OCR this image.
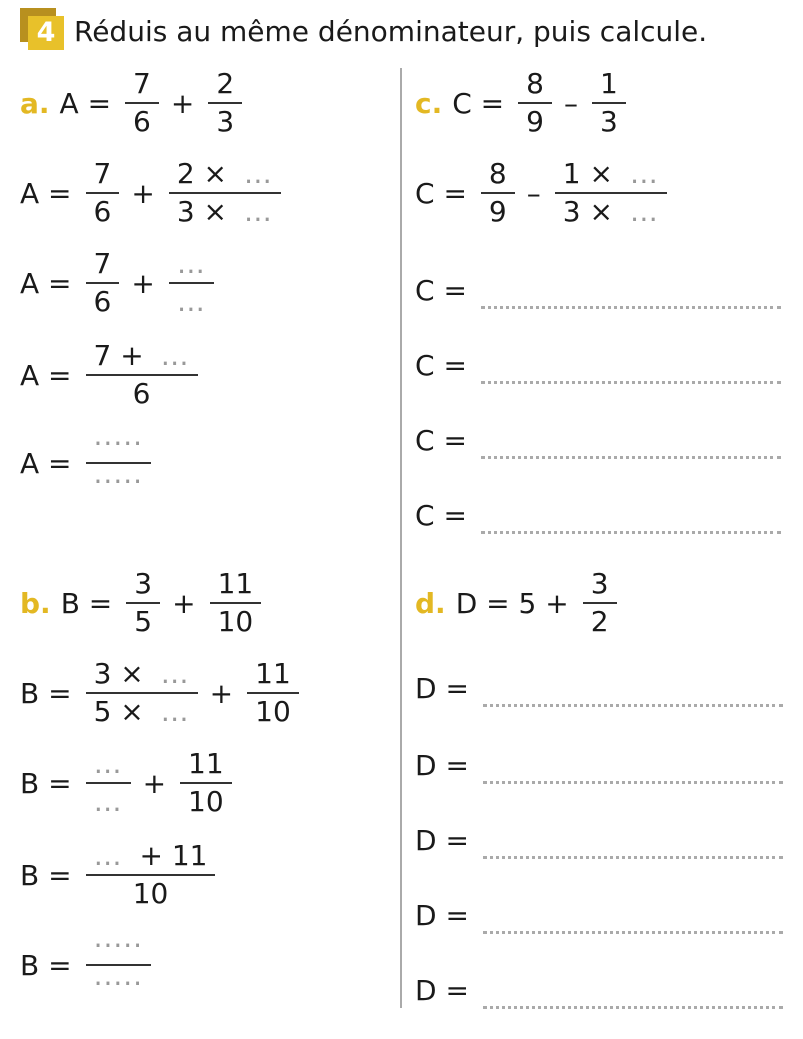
4 Réduis au même dénominateur, puis calcule.
a. $A = \frac{7}{6} + \frac{2}{3}$
$A = \frac{7}{6} + \frac{2 \times \dots}{3 \times \dots}$
$A = \frac{7}{6} + \frac{\dots}{\dots}$
$A = \frac{7 + \dots}{6}$
$A = \frac{\cdot\cdot\cdot\cdot\cdot}{\cdot\cdot\cdot\cdot\cdot}$
b. $B = \frac{3}{5} + \frac{11}{10}$
$B = \frac{3 \times \dots}{5 \times \dots} + \frac{11}{10}$
$B = \frac{\dots}{\dots} + \frac{11}{10}$
$B = \frac{\dots + 11}{10}$
$B = \frac{\cdot\cdot\cdot\cdot\cdot}{\cdot\cdot\cdot\cdot\cdot}$
c. $C = \frac{8}{9} - \frac{1}{3}$
$C = \frac{8}{9} - \frac{1 \times \dots}{3 \times \dots}$
C =
C =
C =
C =
d. $D = 5 + \frac{3}{2}$
D =
D =
D =
D =
D =
